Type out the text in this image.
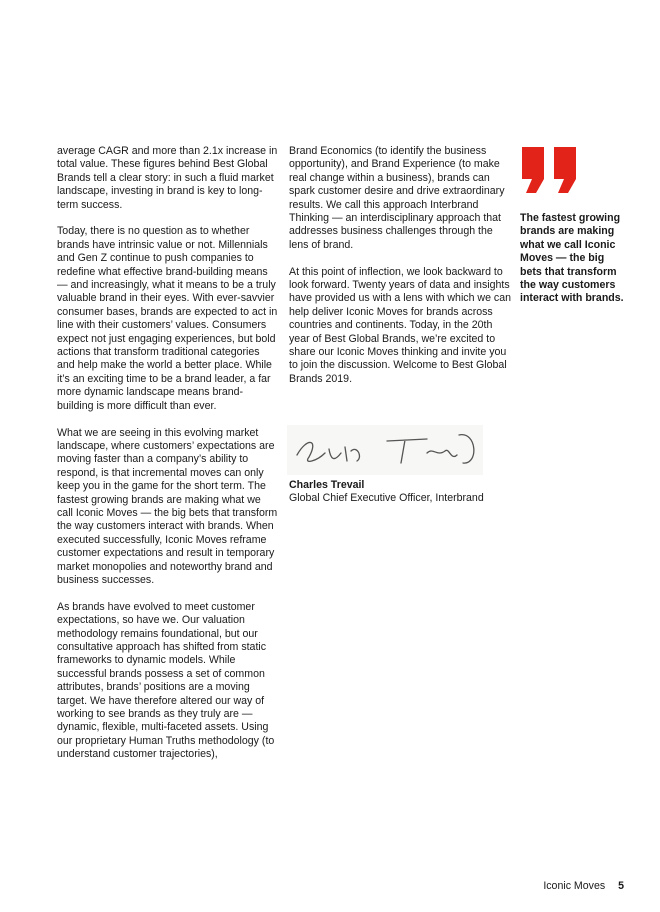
average CAGR and more than 2.1x increase in total value. These figures behind Best Global Brands tell a clear story: in such a fluid market landscape, investing in brand is key to long-term success.

Today, there is no question as to whether brands have intrinsic value or not. Millennials and Gen Z continue to push companies to redefine what effective brand-building means — and increasingly, what it means to be a truly valuable brand in their eyes. With ever-savvier consumer bases, brands are expected to act in line with their customers’ values. Consumers expect not just engaging experiences, but bold actions that transform traditional categories and help make the world a better place. While it’s an exciting time to be a brand leader, a far more dynamic landscape means brand-building is more difficult than ever.

What we are seeing in this evolving market landscape, where customers’ expectations are moving faster than a company’s ability to respond, is that incremental moves can only keep you in the game for the short term. The fastest growing brands are making what we call Iconic Moves — the big bets that transform the way customers interact with brands. When executed successfully, Iconic Moves reframe customer expectations and result in temporary market monopolies and noteworthy brand and business successes.

As brands have evolved to meet customer expectations, so have we. Our valuation methodology remains foundational, but our consultative approach has shifted from static frameworks to dynamic models. While successful brands possess a set of common attributes, brands’ positions are a moving target. We have therefore altered our way of working to see brands as they truly are — dynamic, flexible, multi-faceted assets. Using our proprietary Human Truths methodology (to understand customer trajectories),

Brand Economics (to identify the business opportunity), and Brand Experience (to make real change within a business), brands can spark customer desire and drive extraordinary results. We call this approach Interbrand Thinking — an interdisciplinary approach that addresses business challenges through the lens of brand.

At this point of inflection, we look backward to look forward. Twenty years of data and insights have provided us with a lens with which we can help deliver Iconic Moves for brands across countries and continents. Today, in the 20th year of Best Global Brands, we’re excited to share our Iconic Moves thinking and invite you to join the discussion. Welcome to Best Global Brands 2019.

Charles Trevail
Global Chief Executive Officer, Interbrand
The fastest growing brands are making what we call Iconic Moves — the big bets that transform the way customers interact with brands.
Iconic Moves 5
